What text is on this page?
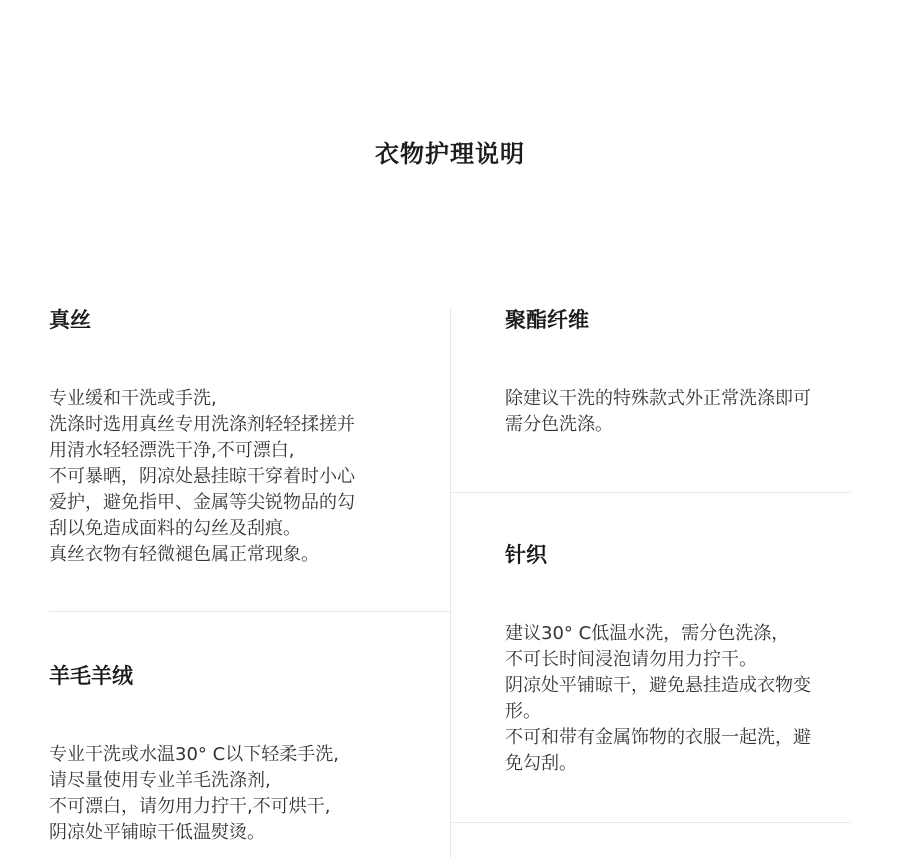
衣物护理说明
真丝
专业缓和干洗或手洗,
洗涤时选用真丝专用洗涤剂轻轻揉搓并
用清水轻轻漂洗干净,不可漂白,
不可暴晒，阴凉处悬挂晾干穿着时小心
爱护，避免指甲、金属等尖锐物品的勾
刮以免造成面料的勾丝及刮痕。
真丝衣物有轻微褪色属正常现象。
羊毛羊绒
专业干洗或水温30° C以下轻柔手洗,
请尽量使用专业羊毛洗涤剂,
不可漂白，请勿用力拧干,不可烘干,
阴凉处平铺晾干低温熨烫。
聚酯纤维
除建议干洗的特殊款式外正常洗涤即可
需分色洗涤。
针织
建议30° C低温水洗，需分色洗涤，
不可长时间浸泡请勿用力拧干。
阴凉处平铺晾干，避免悬挂造成衣物变
形。
不可和带有金属饰物的衣服一起洗，避
免勾刮。
